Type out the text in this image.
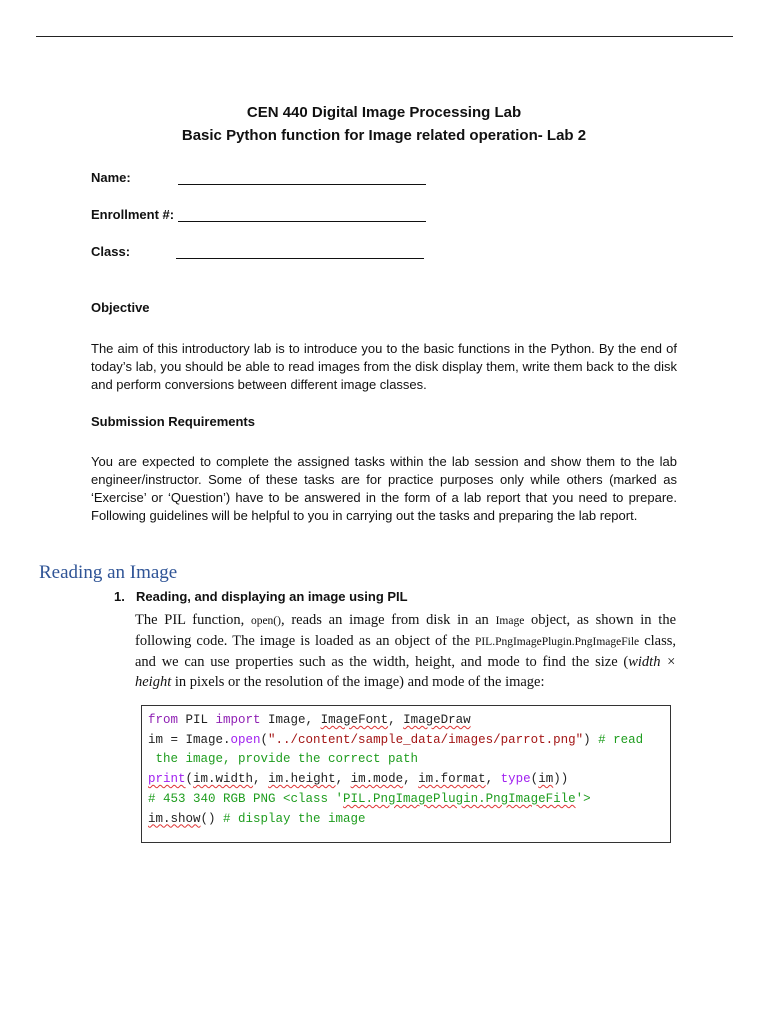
CEN 440 Digital Image Processing Lab
Basic Python function for Image related operation- Lab 2
Name:
Enrollment #:
Class:
Objective
The aim of this introductory lab is to introduce you to the basic functions in the Python. By the end of today’s lab, you should be able to read images from the disk display them, write them back to the disk and perform conversions between different image classes.
Submission Requirements
You are expected to complete the assigned tasks within the lab session and show them to the lab engineer/instructor. Some of these tasks are for practice purposes only while others (marked as ‘Exercise’ or ‘Question’) have to be answered in the form of a lab report that you need to prepare. Following guidelines will be helpful to you in carrying out the tasks and preparing the lab report.
Reading an Image
1. Reading, and displaying an image using PIL
The PIL function, open(), reads an image from disk in an Image object, as shown in the following code. The image is loaded as an object of the PIL.PngImagePlugin.PngImageFile class, and we can use properties such as the width, height, and mode to find the size (width × height in pixels or the resolution of the image) and mode of the image:
from PIL import Image, ImageFont, ImageDraw
im = Image.open("../content/sample_data/images/parrot.png") # read
the image, provide the correct path
print(im.width, im.height, im.mode, im.format, type(im))
# 453 340 RGB PNG <class 'PIL.PngImagePlugin.PngImageFile'>
im.show() # display the image
